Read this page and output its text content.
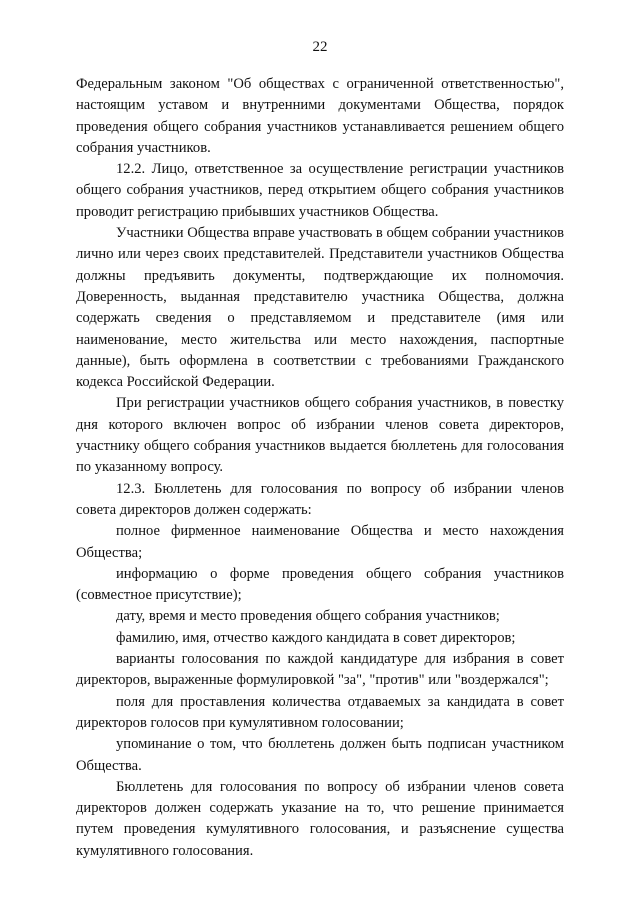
22

Федеральным законом "Об обществах с ограниченной ответственностью", настоящим уставом и внутренними документами Общества, порядок проведения общего собрания участников устанавливается решением общего собрания участников.

12.2. Лицо, ответственное за осуществление регистрации участников общего собрания участников, перед открытием общего собрания участников проводит регистрацию прибывших участников Общества.

Участники Общества вправе участвовать в общем собрании участников лично или через своих представителей. Представители участников Общества должны предъявить документы, подтверждающие их полномочия. Доверенность, выданная представителю участника Общества, должна содержать сведения о представляемом и представителе (имя или наименование, место жительства или место нахождения, паспортные данные), быть оформлена в соответствии с требованиями Гражданского кодекса Российской Федерации.

При регистрации участников общего собрания участников, в повестку дня которого включен вопрос об избрании членов совета директоров, участнику общего собрания участников выдается бюллетень для голосования по указанному вопросу.

12.3. Бюллетень для голосования по вопросу об избрании членов совета директоров должен содержать:

полное фирменное наименование Общества и место нахождения Общества;

информацию о форме проведения общего собрания участников (совместное присутствие);

дату, время и место проведения общего собрания участников;

фамилию, имя, отчество каждого кандидата в совет директоров;

варианты голосования по каждой кандидатуре для избрания в совет директоров, выраженные формулировкой "за", "против" или "воздержался";

поля для проставления количества отдаваемых за кандидата в совет директоров голосов при кумулятивном голосовании;

упоминание о том, что бюллетень должен быть подписан участником Общества.

Бюллетень для голосования по вопросу об избрании членов совета директоров должен содержать указание на то, что решение принимается путем проведения кумулятивного голосования, и разъяснение существа кумулятивного голосования.
